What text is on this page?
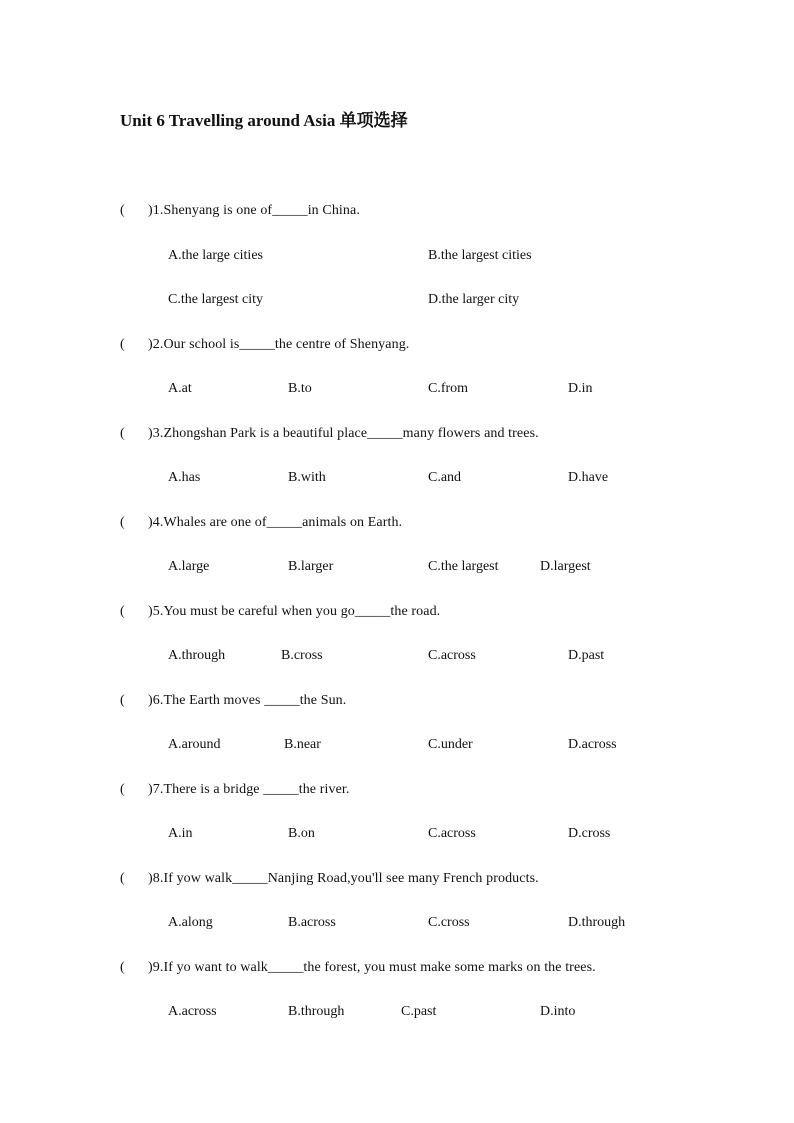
Unit 6 Travelling around Asia 单项选择
( )1.Shenyang is one of_____in China.
A.the large cities	B.the largest cities
C.the largest city	D.the larger city
( )2.Our school is_____the centre of Shenyang.
A.at	B.to	C.from	D.in
( )3.Zhongshan Park is a beautiful place_____many flowers and trees.
A.has	B.with	C.and	D.have
( )4.Whales are one of_____animals on Earth.
A.large	B.larger	C.the largest	D.largest
( )5.You must be careful when you go_____the road.
A.through	B.cross	C.across	D.past
( )6.The Earth moves _____the Sun.
A.around	B.near	C.under	D.across
( )7.There is a bridge _____the river.
A.in	B.on	C.across	D.cross
( )8.If yow walk_____Nanjing Road,you'll see many French products.
A.along	B.across	C.cross	D.through
( )9.If yo want to walk_____the forest, you must make some marks on the trees.
A.across	B.through	C.past	D.into
